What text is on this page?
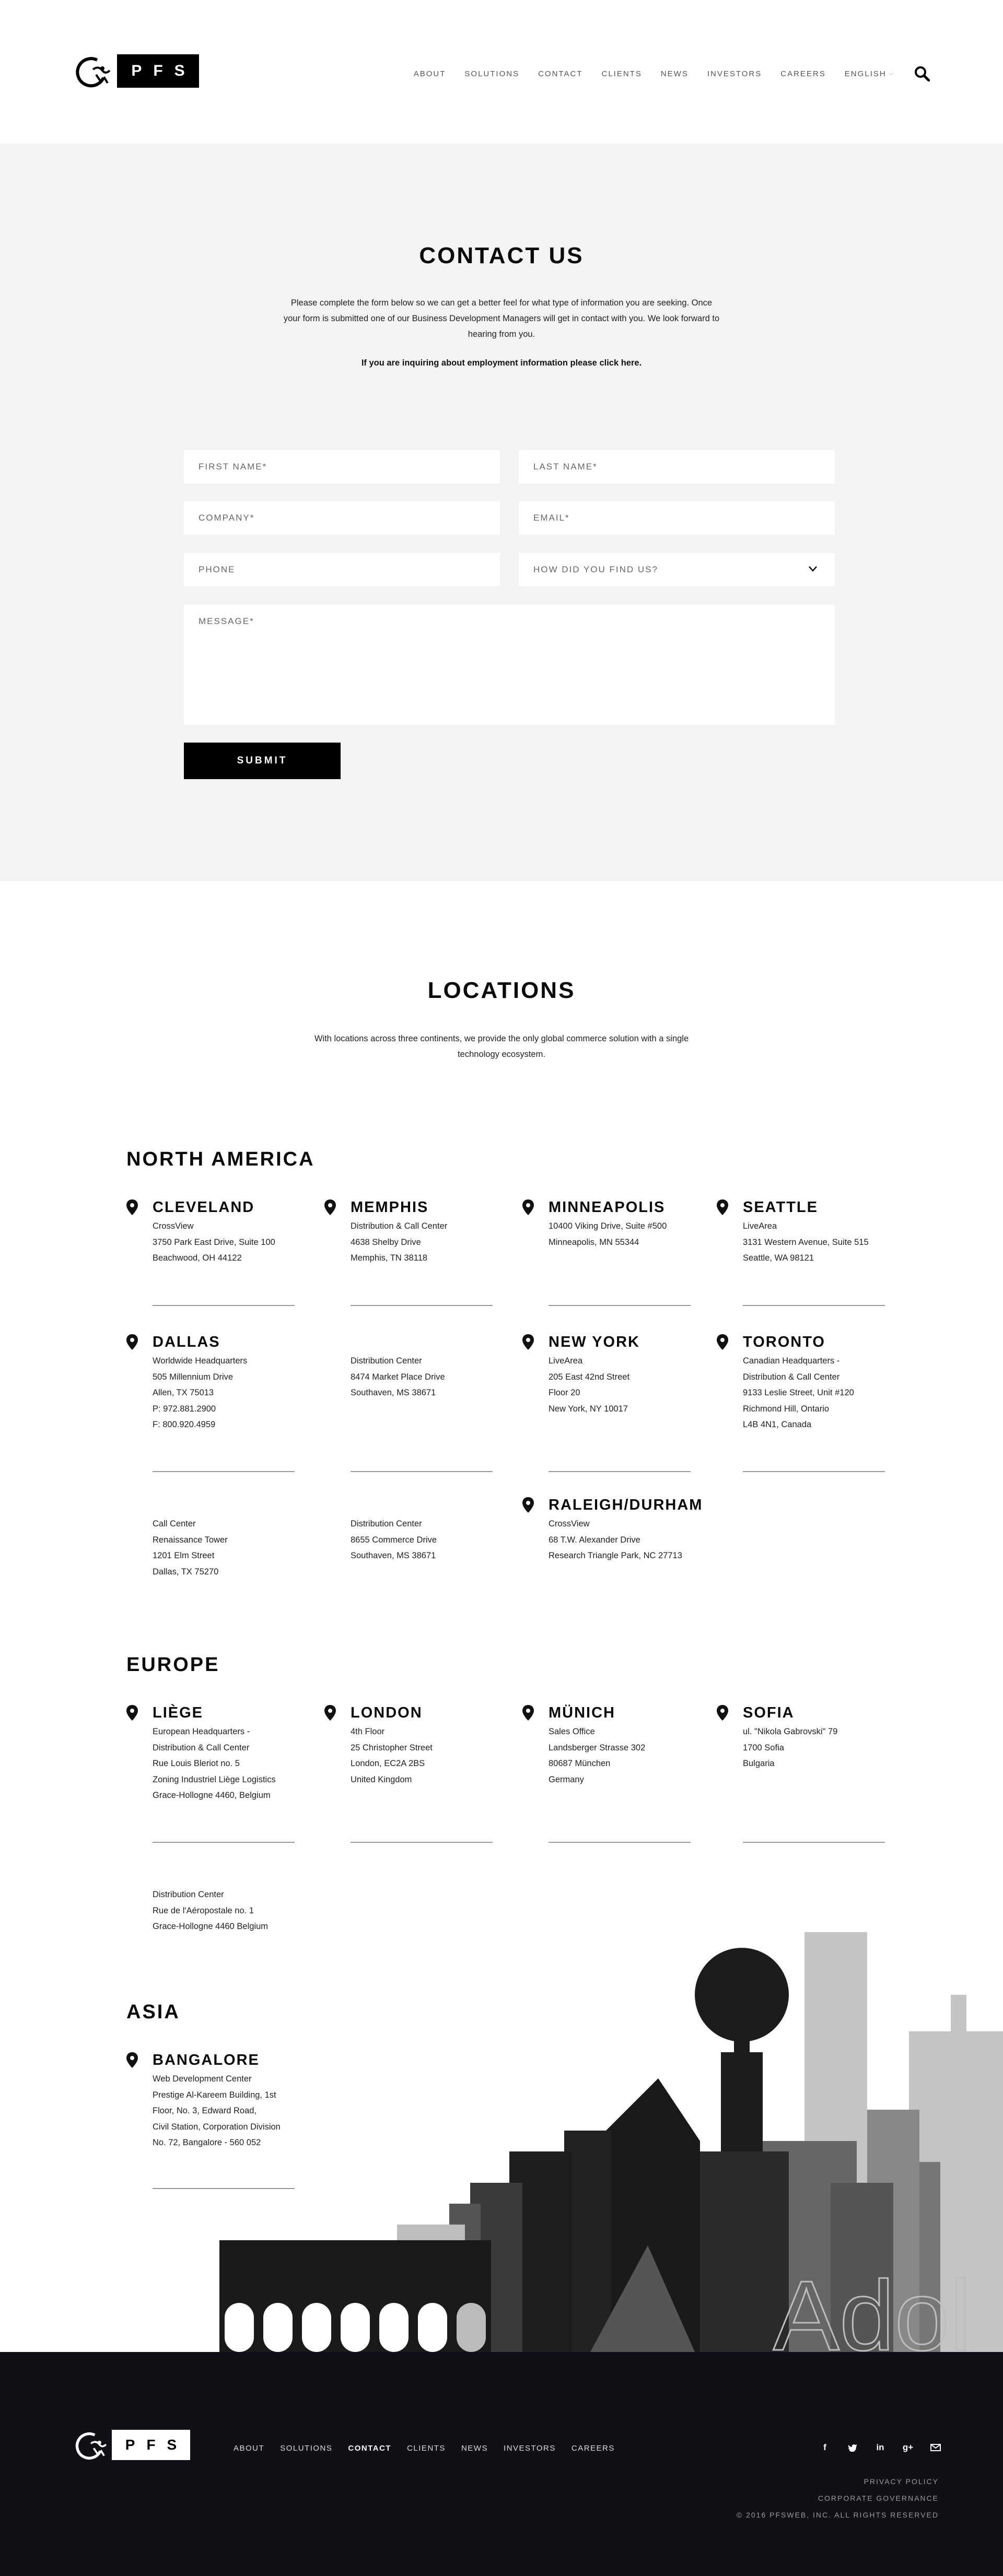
PFS	ABOUT SOLUTIONS CONTACT CLIENTS NEWS INVESTORS CAREERS ENGLISH ⌵
CONTACT US
Please complete the form below so we can get a better feel for what type of information you are seeking. Once your form is submitted one of our Business Development Managers will get in contact with you. We look forward to hearing from you.
If you are inquiring about employment information please click here.
FIRST NAME*	LAST NAME*
COMPANY*	EMAIL*
PHONE	HOW DID YOU FIND US?
MESSAGE*
SUBMIT
LOCATIONS
With locations across three continents, we provide the only global commerce solution with a single technology ecosystem.
Adol
NORTH AMERICA
EUROPE
ASIA
CLEVELAND
CrossView
3750 Park East Drive, Suite 100
Beachwood, OH 44122
MEMPHIS
Distribution & Call Center
4638 Shelby Drive
Memphis, TN 38118
MINNEAPOLIS
10400 Viking Drive, Suite #500
Minneapolis, MN 55344
SEATTLE
LiveArea
3131 Western Avenue, Suite 515
Seattle, WA 98121
DALLAS
Worldwide Headquarters
505 Millennium Drive
Allen, TX 75013
P: 972.881.2900
F: 800.920.4959
Distribution Center
8474 Market Place Drive
Southaven, MS 38671
NEW YORK
LiveArea
205 East 42nd Street
Floor 20
New York, NY 10017
TORONTO
Canadian Headquarters -
Distribution & Call Center
9133 Leslie Street, Unit #120
Richmond Hill, Ontario
L4B 4N1, Canada
Call Center
Renaissance Tower
1201 Elm Street
Dallas, TX 75270
Distribution Center
8655 Commerce Drive
Southaven, MS 38671
RALEIGH/DURHAM
CrossView
68 T.W. Alexander Drive
Research Triangle Park, NC 27713
LIÈGE
European Headquarters -
Distribution & Call Center
Rue Louis Bleriot no. 5
Zoning Industriel Liège Logistics
Grace-Hollogne 4460, Belgium
LONDON
4th Floor
25 Christopher Street
London, EC2A 2BS
United Kingdom
MÜNICH
Sales Office
Landsberger Strasse 302
80687 München
Germany
SOFIA
ul. "Nikola Gabrovski" 79
1700 Sofia
Bulgaria
Distribution Center
Rue de l'Aéropostale no. 1
Grace-Hollogne 4460 Belgium
BANGALORE
Web Development Center
Prestige Al-Kareem Building, 1st
Floor, No. 3, Edward Road,
Civil Station, Corporation Division
No. 72, Bangalore - 560 052
PFS	ABOUT SOLUTIONS CONTACT CLIENTS NEWS INVESTORS CAREERS	f	in g+
PRIVACY POLICY
CORPORATE GOVERNANCE
© 2016 PFSWEB, INC. ALL RIGHTS RESERVED
